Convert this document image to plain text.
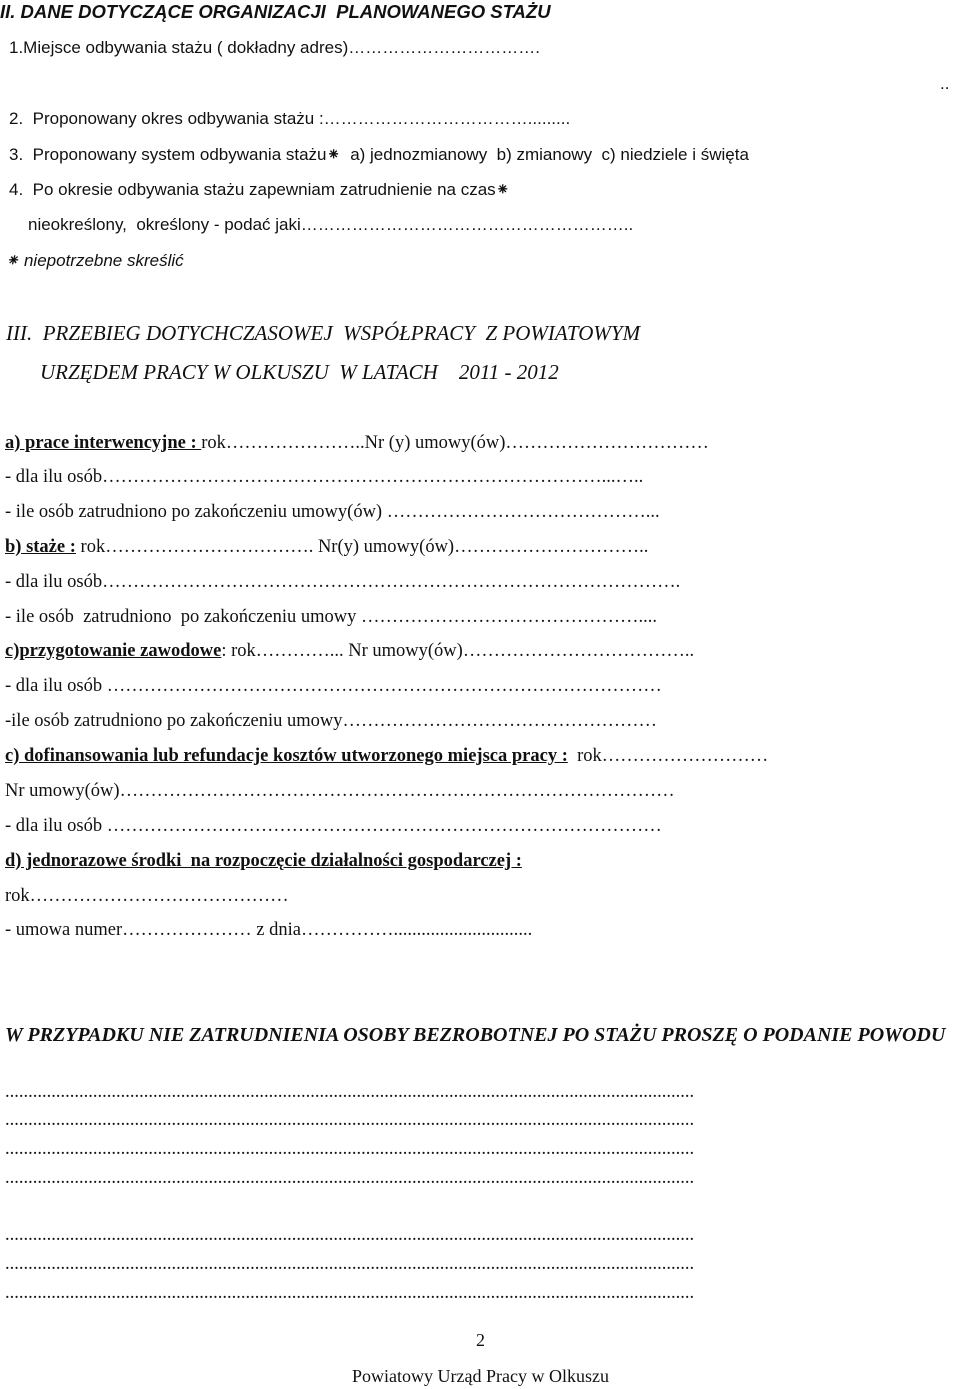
II. DANE DOTYCZĄCE ORGANIZACJI  PLANOWANEGO STAŻU
1.Miejsce odbywania stażu ( dokładny adres)…………………………….
..
2.  Proponowany okres odbywania stażu :……………………………….........
3.  Proponowany system odbywania stażu⁕  a) jednozmianowy  b) zmianowy  c) niedziele i święta
4.  Po okresie odbywania stażu zapewniam zatrudnienie na czas⁕
nieokreślony,  określony - podać jaki…………………………………………………..
⁕ niepotrzebne skreślić
III.  PRZEBIEG DOTYCHCZASOWEJ  WSPÓŁPRACY  Z POWIATOWYM
URZĘDEM PRACY W OLKUSZU  W LATACH    2011 - 2012
a) prace interwencyjne : rok…………………..Nr (y) umowy(ów)……………………………
- dla ilu osób………………………………………………………………………...…..
- ile osób zatrudniono po zakończeniu umowy(ów) ……………………………………...
b) staże : rok……………………………. Nr(y) umowy(ów)…………………………..
- dla ilu osób………………………………………………………………………………….
- ile osób  zatrudniono  po zakończeniu umowy ………………………………………....
c)przygotowanie zawodowe: rok…………... Nr umowy(ów)………………………………..
- dla ilu osób ………………………………………………………………………………
-ile osób zatrudniono po zakończeniu umowy……………………………………………
c) dofinansowania lub refundacje kosztów utworzonego miejsca pracy :  rok………………………
Nr umowy(ów)………………………………………………………………………………
- dla ilu osób ………………………………………………………………………………
d) jednorazowe środki  na rozpoczęcie działalności gospodarczej :
rok……………………………………
- umowa numer………………… z dnia……………..............................
W PRZYPADKU NIE ZATRUDNIENIA OSOBY BEZROBOTNEJ PO STAŻU PROSZĘ O PODANIE POWODU
.....................................................................................................................................................
.....................................................................................................................................................
.....................................................................................................................................................
.....................................................................................................................................................
.....................................................................................................................................................
.....................................................................................................................................................
.....................................................................................................................................................
2
Powiatowy Urząd Pracy w Olkuszu
